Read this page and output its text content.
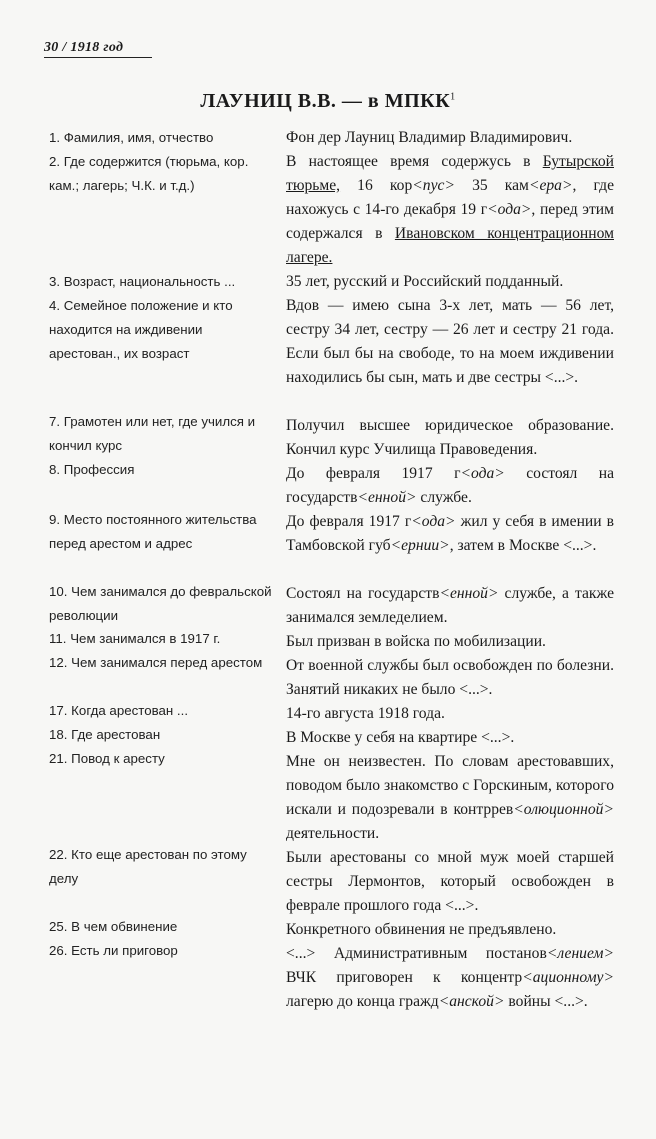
30 / 1918 год
ЛАУНИЦ В.В. — в МПКК$^1$
1. Фамилия, имя, отчество
2. Где содержится (тюрьма, кор. кам.; лагерь; Ч.К. и т.д.)
3. Возраст, национальность ...
4. Семейное положение и кто находится на иждивении арестован., их возраст
7. Грамотен или нет, где учился и кончил курс
8. Профессия
9. Место постоянного жительства перед арестом и адрес
10. Чем занимался до февральской революции
11. Чем занимался в 1917 г.
12. Чем занимался перед арестом
17. Когда арестован ...
18. Где арестован
21. Повод к аресту
22. Кто еще арестован по этому делу
25. В чем обвинение
26. Есть ли приговор
Фон дер Лауниц Владимир Владимирович.
В настоящее время содержусь в Бутырской тюрьме, 16 кор<пус> 35 кам<ера>, где нахожусь с 14-го декабря 19 г<ода>, перед этим содержался в Ивановском концентрационном лагере.
35 лет, русский и Российский подданный.
Вдов — имею сына 3-х лет, мать — 56 лет, сестру 34 лет, сестру — 26 лет и сестру 21 года. Если был бы на свободе, то на моем иждивении находились бы сын, мать и две сестры <...>.
Получил высшее юридическое образование. Кончил курс Училища Правоведения.
До февраля 1917 г<ода> состоял на государств<енной> службе.
До февраля 1917 г<ода> жил у себя в имении в Тамбовской губ<ернии>, затем в Москве <...>.
Состоял на государств<енной> службе, а также занимался земледелием.
Был призван в войска по мобилизации.
От военной службы был освобожден по болезни. Занятий никаких не было <...>.
14-го августа 1918 года.
В Москве у себя на квартире <...>.
Мне он неизвестен. По словам арестовавших, поводом было знакомство с Горскиным, которого искали и подозревали в контррев<олюционной> деятельности.
Были арестованы со мной муж моей старшей сестры Лермонтов, который освобожден в феврале прошлого года <...>.
Конкретного обвинения не предъявлено.
<...> Административным постанов<лением> ВЧК приговорен к концентр<ационному> лагерю до конца гражд<анской> войны <...>.
